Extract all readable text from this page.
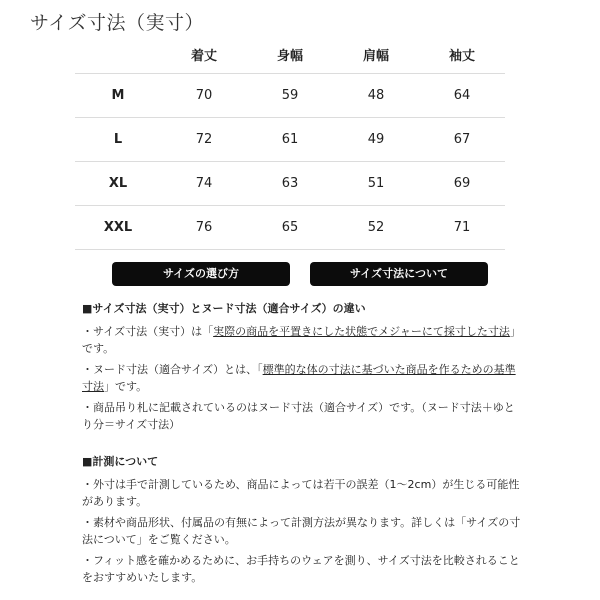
サイズ寸法（実寸）
	着丈	身幅	肩幅	袖丈
M	70	59	48	64
L	72	61	49	67
XL	74	63	51	69
XXL	76	65	52	71
サイズの選び方	サイズ寸法について

■サイズ寸法（実寸）とヌード寸法（適合サイズ）の違い

・サイズ寸法（実寸）は「実際の商品を平置きにした状態でメジャーにて採寸した寸法」です。

・ヌード寸法（適合サイズ）とは、「標準的な体の寸法に基づいた商品を作るための基準寸法」です。

・商品吊り札に記載されているのはヌード寸法（適合サイズ）です。（ヌード寸法＋ゆとり分＝サイズ寸法）

■計測について

・外寸は手で計測しているため、商品によっては若干の誤差（1〜2cm）が生じる可能性があります。

・素材や商品形状、付属品の有無によって計測方法が異なります。詳しくは「サイズの寸法について」をご覧ください。

・フィット感を確かめるために、お手持ちのウェアを測り、サイズ寸法を比較されることをおすすめいたします。
